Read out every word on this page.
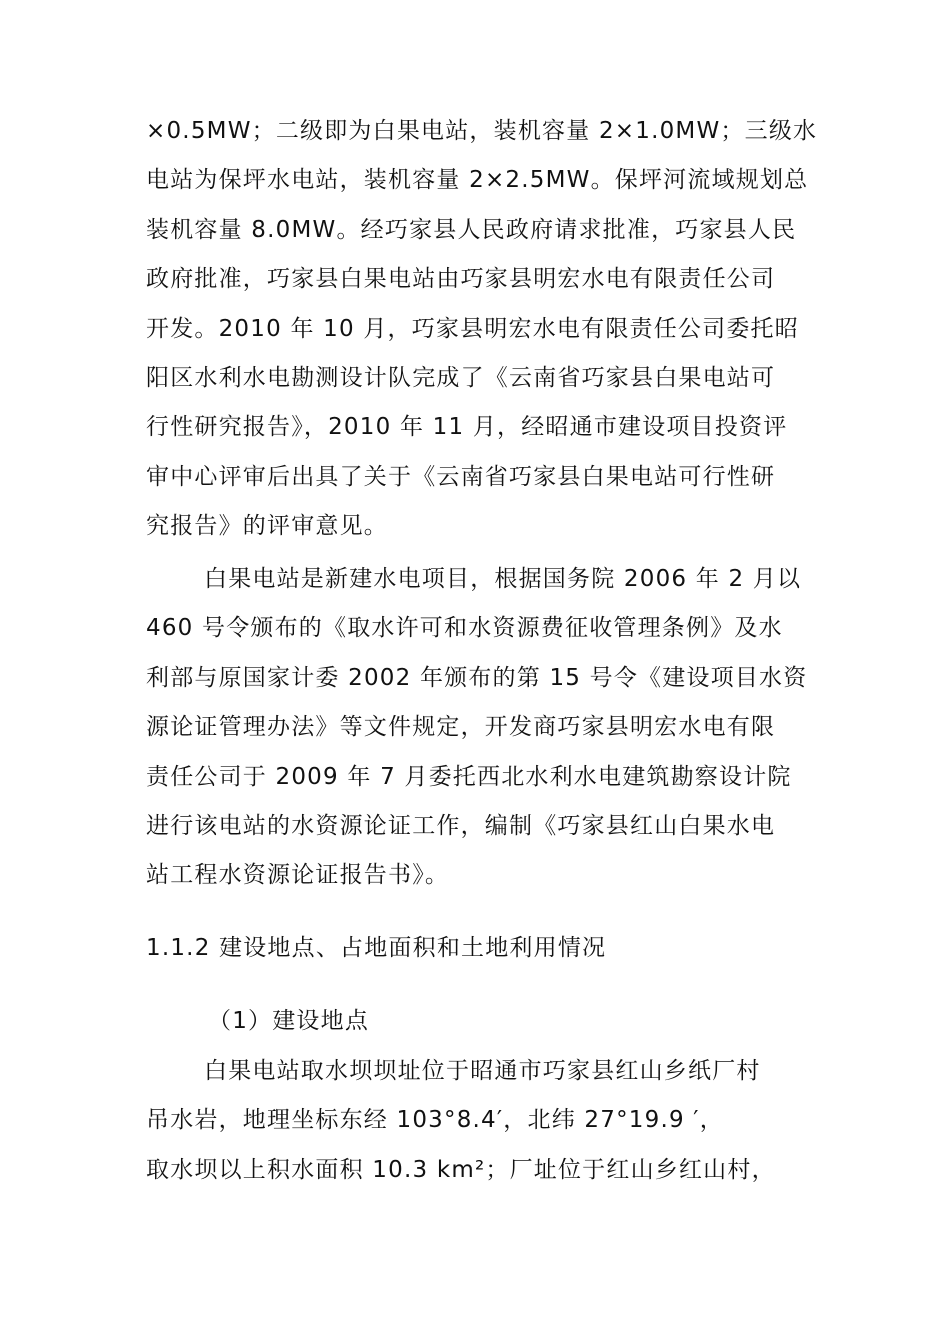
×0.5MW；二级即为白果电站，装机容量 2×1.0MW；三级水
电站为保坪水电站，装机容量 2×2.5MW。保坪河流域规划总
装机容量 8.0MW。经巧家县人民政府请求批准，巧家县人民
政府批准，巧家县白果电站由巧家县明宏水电有限责任公司
开发。2010 年 10 月，巧家县明宏水电有限责任公司委托昭
阳区水利水电勘测设计队完成了《云南省巧家县白果电站可
行性研究报告》，2010 年 11 月，经昭通市建设项目投资评
审中心评审后出具了关于《云南省巧家县白果电站可行性研
究报告》的评审意见。
白果电站是新建水电项目，根据国务院 2006 年 2 月以
460 号令颁布的《取水许可和水资源费征收管理条例》及水
利部与原国家计委 2002 年颁布的第 15 号令《建设项目水资
源论证管理办法》等文件规定，开发商巧家县明宏水电有限
责任公司于 2009 年 7 月委托西北水利水电建筑勘察设计院
进行该电站的水资源论证工作，编制《巧家县红山白果水电
站工程水资源论证报告书》。
1.1.2 建设地点、占地面积和土地利用情况
（1）建设地点
白果电站取水坝坝址位于昭通市巧家县红山乡纸厂村
吊水岩，地理坐标东经 103°8.4′，北纬 27°19.9 ′，
取水坝以上积水面积 10.3 km²；厂址位于红山乡红山村，
